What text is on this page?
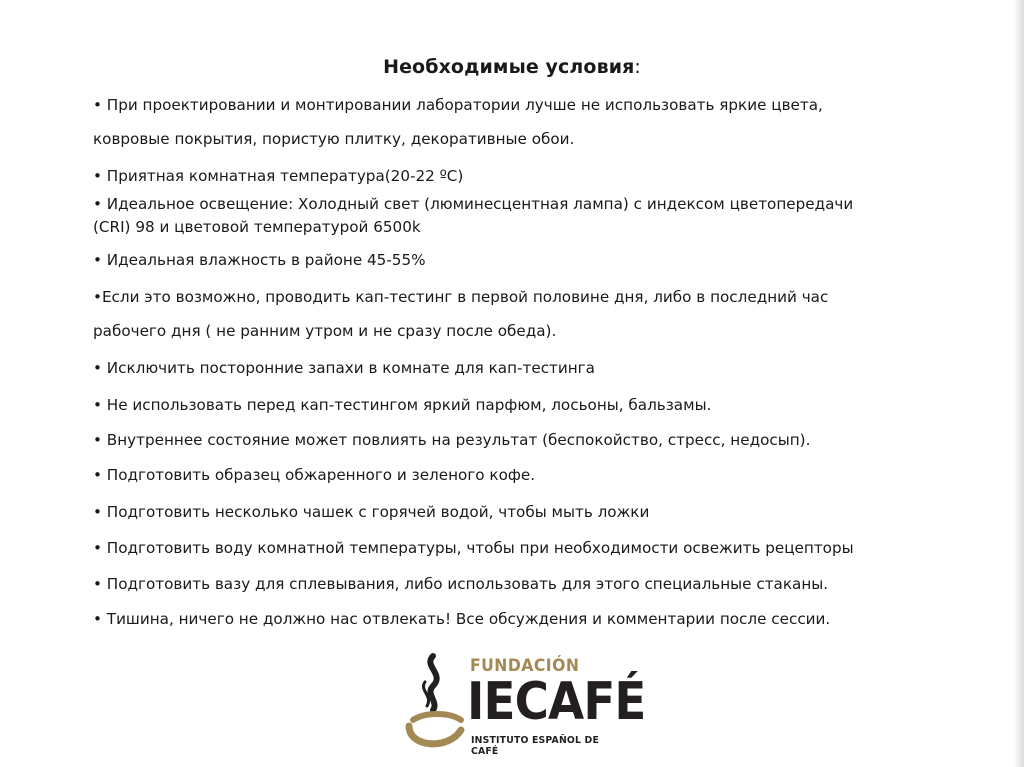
Необходимые условия:
• При проектировании и монтировании лаборатории лучше не использовать яркие цвета,
ковровые покрытия, пористую плитку, декоративные обои.
• Приятная комнатная температура(20-22 ºC)
• Идеальное освещение: Холодный свет (люминесцентная лампа) с индексом цветопередачи
(CRI) 98 и цветовой температурой 6500k
• Идеальная влажность в районе 45-55%
•Если это возможно, проводить кап-тестинг в первой половине дня, либо в последний час
рабочего дня ( не ранним утром и не сразу после обеда).
• Исключить посторонние запахи в комнате для кап-тестинга
• Не использовать перед кап-тестингом яркий парфюм, лосьоны, бальзамы.
• Внутреннее состояние может повлиять на результат (беспокойство, стресс, недосып).
• Подготовить образец обжаренного и зеленого кофе.
• Подготовить несколько чашек с горячей водой, чтобы мыть ложки
• Подготовить воду комнатной температуры, чтобы при необходимости освежить рецепторы
• Подготовить вазу для сплевывания, либо использовать для этого специальные стаканы.
• Тишина, ничего не должно нас отвлекать! Все обсуждения и комментарии после сессии.
FUNDACIÓN
IECAFÉ
INSTITUTO ESPAÑOL DE CAFÉ
